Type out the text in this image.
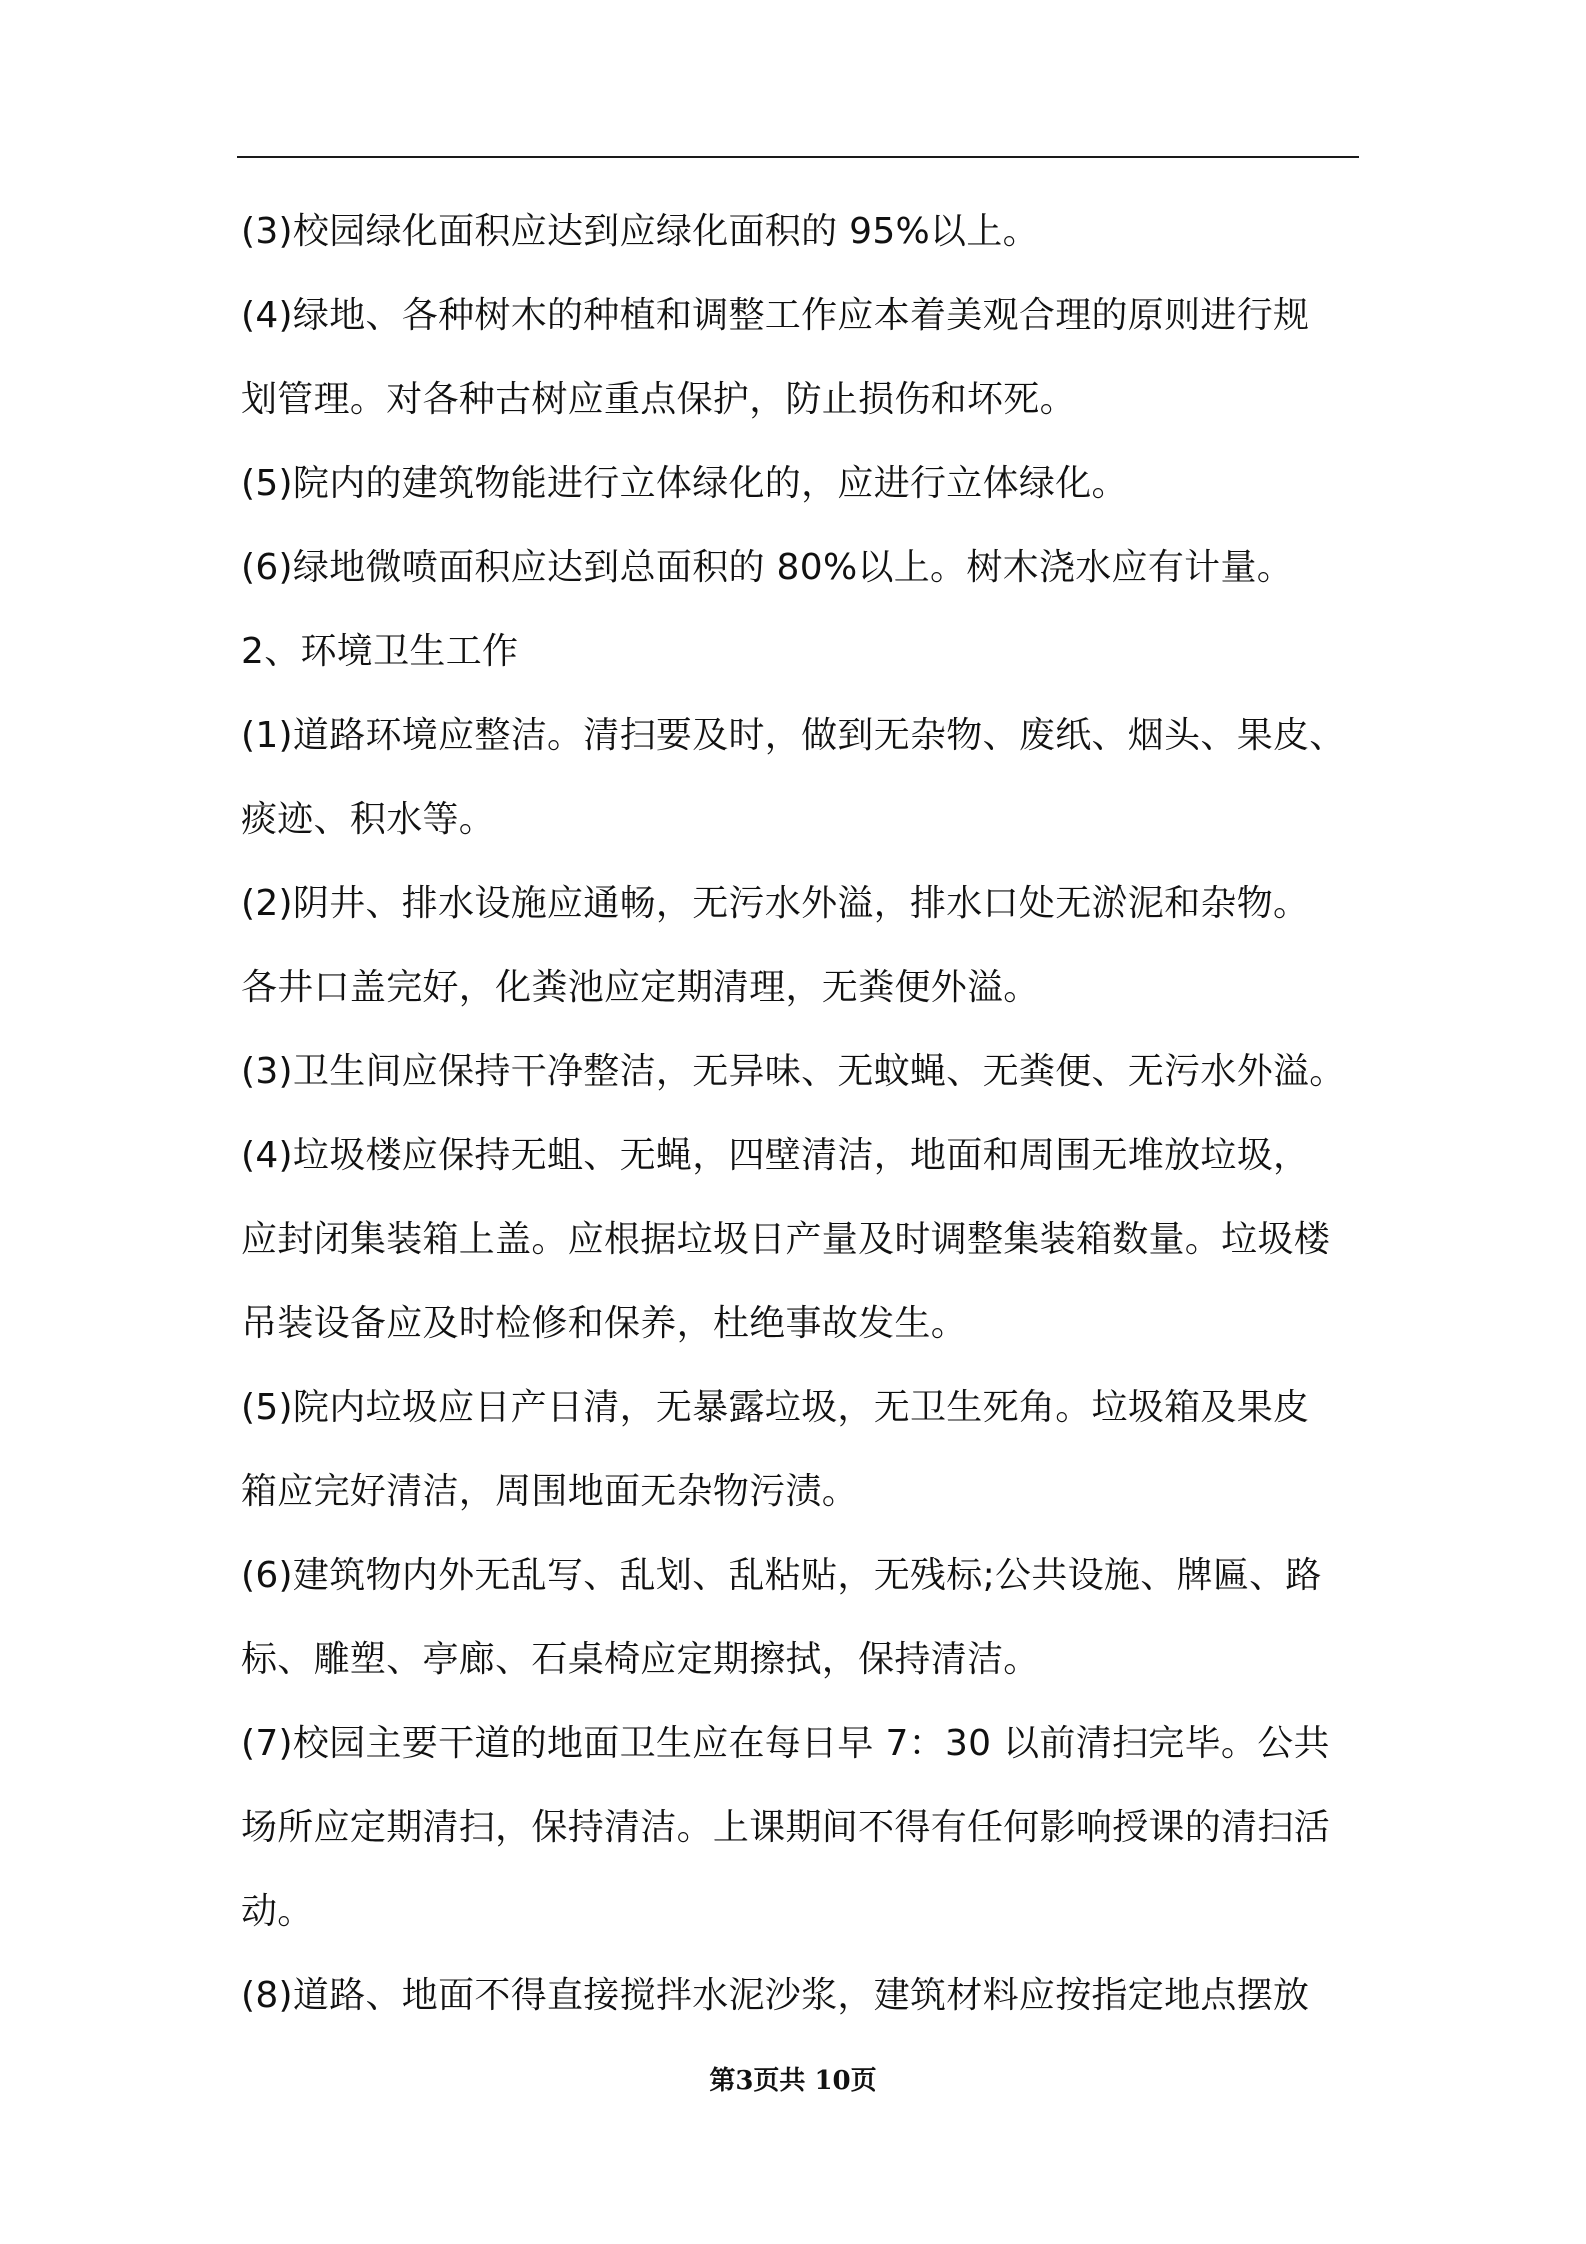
(3)校园绿化面积应达到应绿化面积的 95%以上。
(4)绿地、各种树木的种植和调整工作应本着美观合理的原则进行规
划管理。对各种古树应重点保护，防止损伤和坏死。
(5)院内的建筑物能进行立体绿化的，应进行立体绿化。
(6)绿地微喷面积应达到总面积的 80%以上。树木浇水应有计量。
2、环境卫生工作
(1)道路环境应整洁。清扫要及时，做到无杂物、废纸、烟头、果皮、
痰迹、积水等。
(2)阴井、排水设施应通畅，无污水外溢，排水口处无淤泥和杂物。
各井口盖完好，化粪池应定期清理，无粪便外溢。
(3)卫生间应保持干净整洁，无异味、无蚊蝇、无粪便、无污水外溢。
(4)垃圾楼应保持无蛆、无蝇，四壁清洁，地面和周围无堆放垃圾，
应封闭集装箱上盖。应根据垃圾日产量及时调整集装箱数量。垃圾楼
吊装设备应及时检修和保养，杜绝事故发生。
(5)院内垃圾应日产日清，无暴露垃圾，无卫生死角。垃圾箱及果皮
箱应完好清洁，周围地面无杂物污渍。
(6)建筑物内外无乱写、乱划、乱粘贴，无残标;公共设施、牌匾、路
标、雕塑、亭廊、石桌椅应定期擦拭，保持清洁。
(7)校园主要干道的地面卫生应在每日早 7：30 以前清扫完毕。公共
场所应定期清扫，保持清洁。上课期间不得有任何影响授课的清扫活
动。
(8)道路、地面不得直接搅拌水泥沙浆，建筑材料应按指定地点摆放
第3页共 10页
